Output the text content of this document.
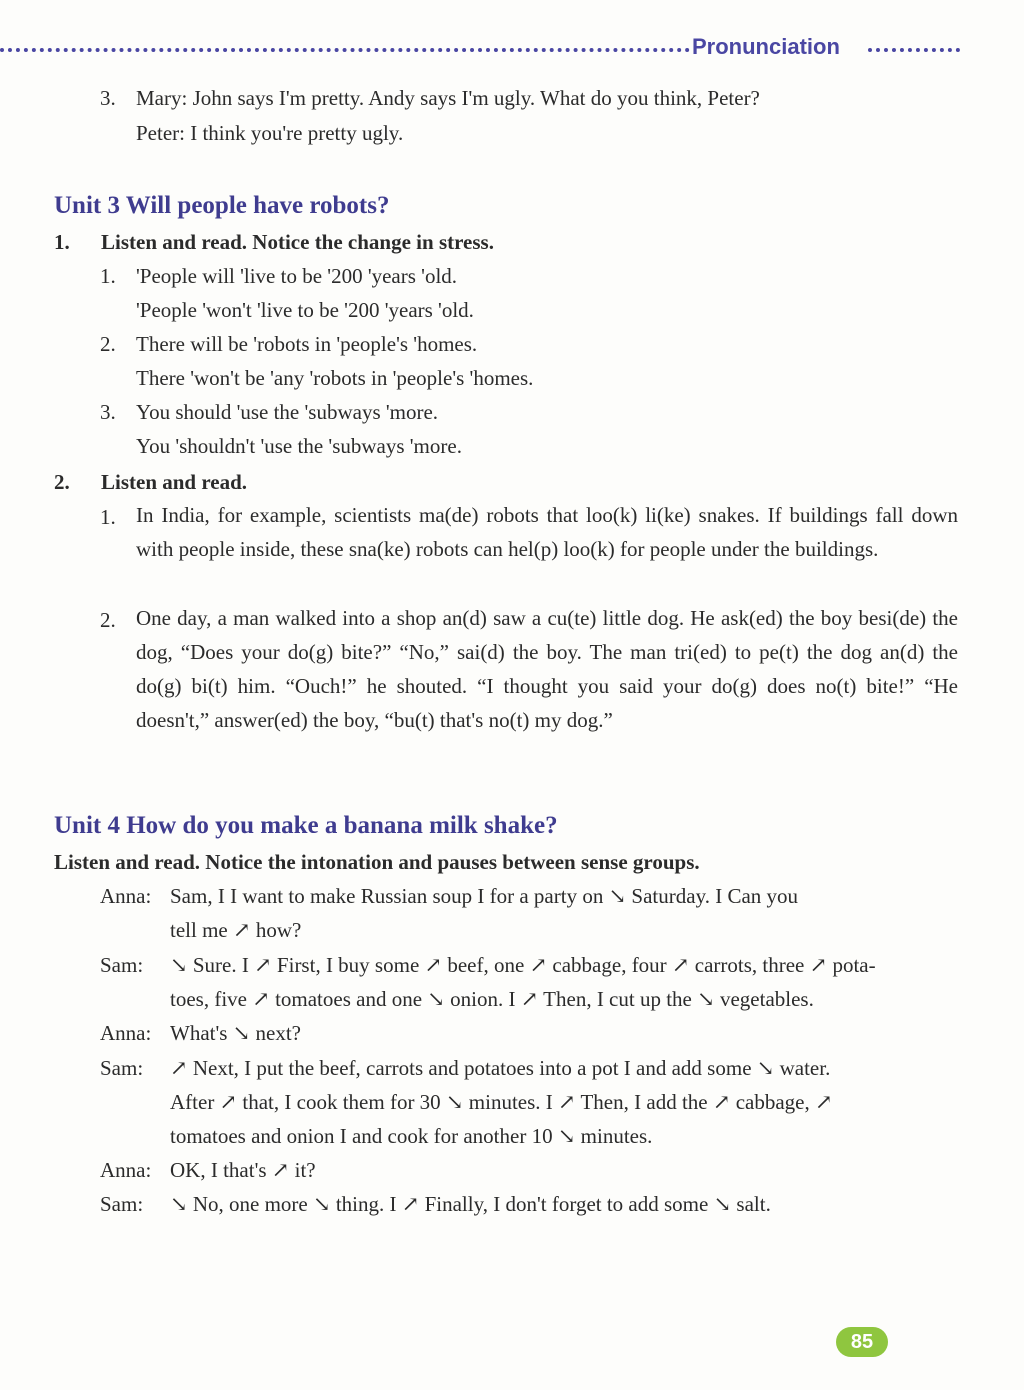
Pronunciation
3. Mary: John says I'm pretty. Andy says I'm ugly. What do you think, Peter?
Peter: I think you're pretty ugly.
Unit 3 Will people have robots?
1. Listen and read. Notice the change in stress.
1. 'People will 'live to be '200 'years 'old.
'People 'won't 'live to be '200 'years 'old.
2. There will be 'robots in 'people's 'homes.
There 'won't be 'any 'robots in 'people's 'homes.
3. You should 'use the 'subways 'more.
You 'shouldn't 'use the 'subways 'more.
2. Listen and read.
1. In India, for example, scientists ma(de) robots that loo(k) li(ke) snakes. If buildings fall down with people inside, these sna(ke) robots can hel(p) loo(k) for people under the buildings.
2. One day, a man walked into a shop an(d) saw a cu(te) little dog. He ask(ed) the boy besi(de) the dog, “Does your do(g) bite?” “No,” sai(d) the boy. The man tri(ed) to pe(t) the dog an(d) the do(g) bi(t) him. “Ouch!” he shouted. “I thought you said your do(g) does no(t) bite!” “He doesn't,” answer(ed) the boy, “bu(t) that's no(t) my dog.”
Unit 4 How do you make a banana milk shake?
Listen and read. Notice the intonation and pauses between sense groups.
Anna: Sam, I I want to make Russian soup I for a party on ↘ Saturday. I Can you
tell me ↗ how?
Sam: ↘ Sure. I ↗ First, I buy some ↗ beef, one ↗ cabbage, four ↗ carrots, three ↗ pota-
toes, five ↗ tomatoes and one ↘ onion. I ↗ Then, I cut up the ↘ vegetables.
Anna: What's ↘ next?
Sam: ↗ Next, I put the beef, carrots and potatoes into a pot I and add some ↘ water.
After ↗ that, I cook them for 30 ↘ minutes. I ↗ Then, I add the ↗ cabbage, ↗
tomatoes and onion I and cook for another 10 ↘ minutes.
Anna: OK, I that's ↗ it?
Sam: ↘ No, one more ↘ thing. I ↗ Finally, I don't forget to add some ↘ salt.
85
